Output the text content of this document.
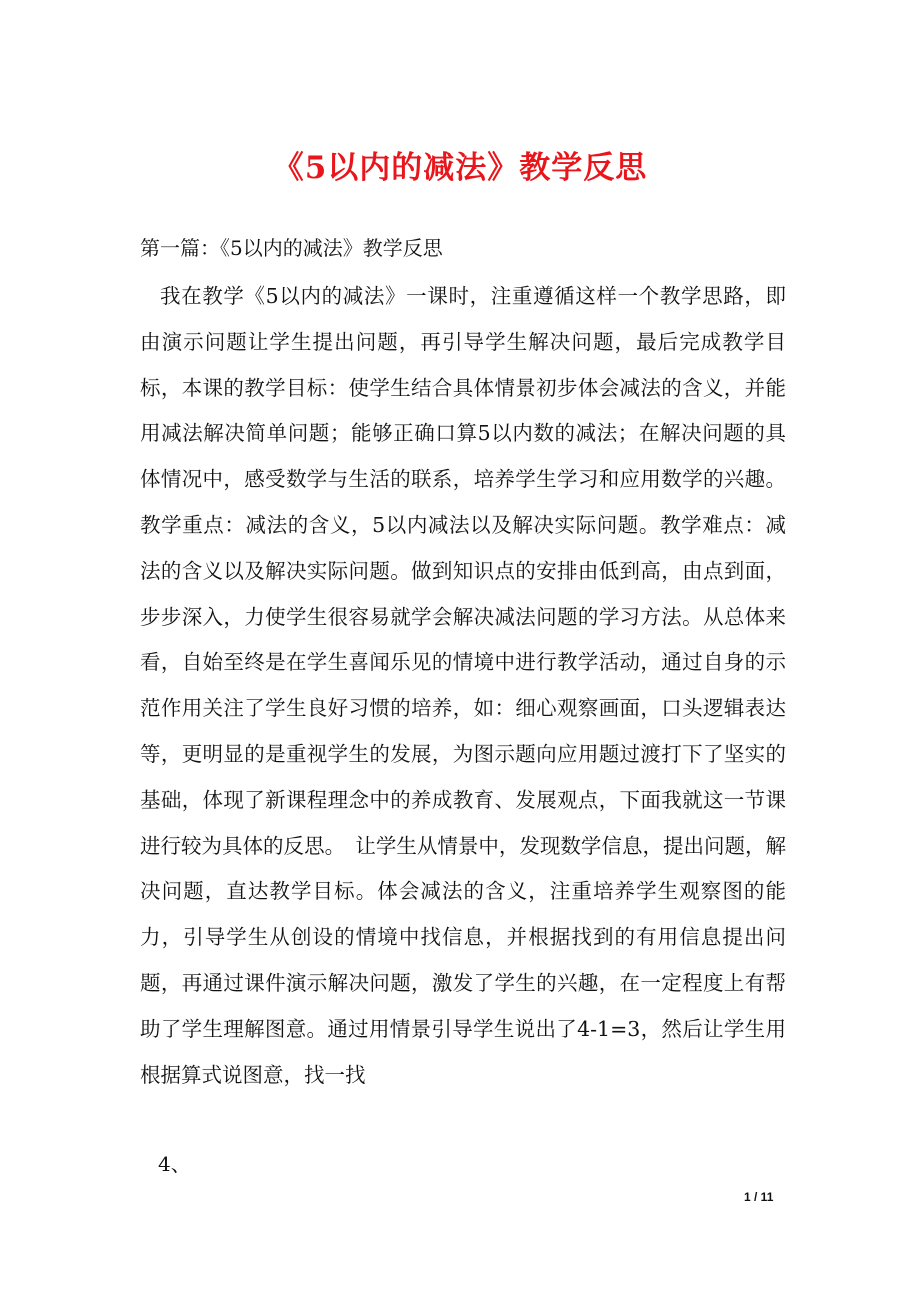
《5以内的减法》教学反思
第一篇：《5以内的减法》教学反思

我在教学《5以内的减法》一课时，注重遵循这样一个教学思路，即由演示问题让学生提出问题，再引导学生解决问题，最后完成教学目标，本课的教学目标：使学生结合具体情景初步体会减法的含义，并能用减法解决简单问题；能够正确口算5以内数的减法；在解决问题的具体情况中，感受数学与生活的联系，培养学生学习和应用数学的兴趣。教学重点：减法的含义，5以内减法以及解决实际问题。教学难点：减法的含义以及解决实际问题。做到知识点的安排由低到高，由点到面，步步深入，力使学生很容易就学会解决减法问题的学习方法。从总体来看，自始至终是在学生喜闻乐见的情境中进行教学活动，通过自身的示范作用关注了学生良好习惯的培养，如：细心观察画面，口头逻辑表达等，更明显的是重视学生的发展，为图示题向应用题过渡打下了坚实的基础，体现了新课程理念中的养成教育、发展观点，下面我就这一节课进行较为具体的反思。　让学生从情景中，发现数学信息，提出问题，解决问题，直达教学目标。体会减法的含义，注重培养学生观察图的能力，引导学生从创设的情境中找信息，并根据找到的有用信息提出问题，再通过课件演示解决问题，激发了学生的兴趣，在一定程度上有帮助了学生理解图意。通过用情景引导学生说出了4-1=3，然后让学生用根据算式说图意，找一找

4、
1 / 11
